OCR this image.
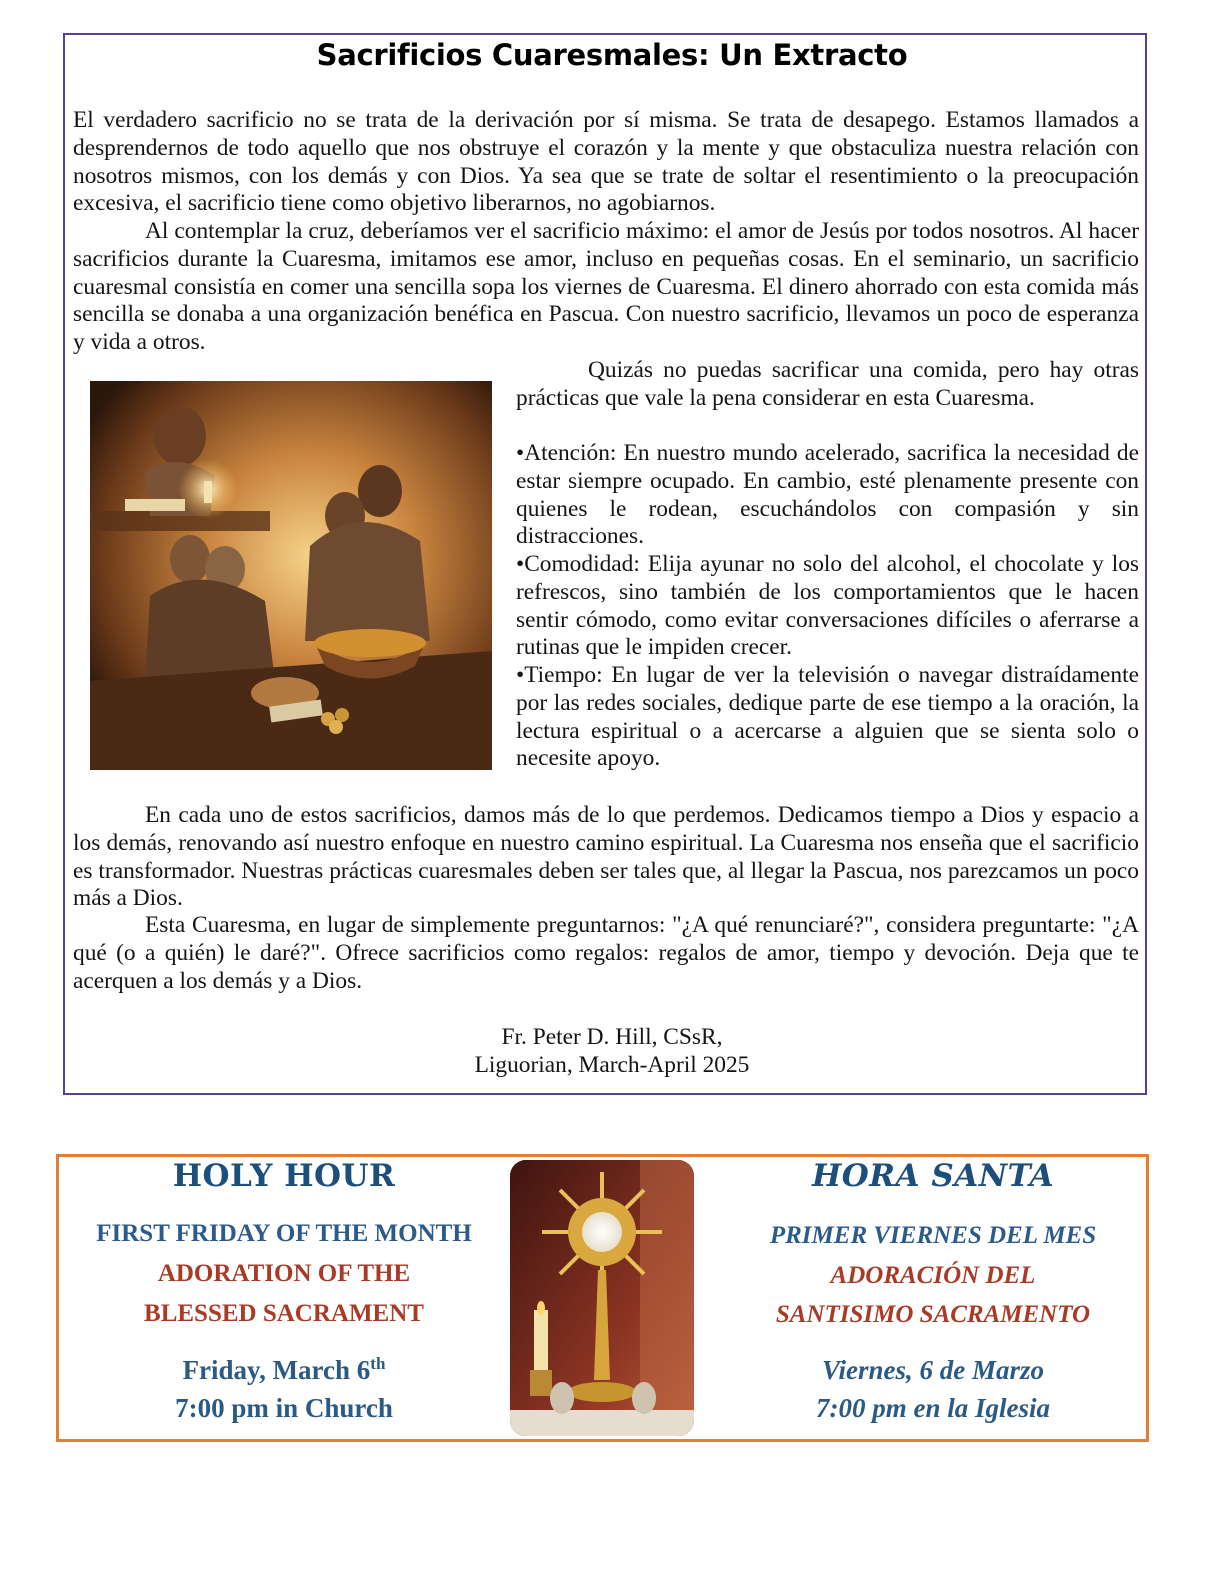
Sacrificios Cuaresmales: Un Extracto

El verdadero sacrificio no se trata de la derivación por sí misma. Se trata de desapego. Estamos llamados a desprendernos de todo aquello que nos obstruye el corazón y la mente y que obstaculiza nuestra relación con nosotros mismos, con los demás y con Dios. Ya sea que se trate de soltar el resentimiento o la preocupación excesiva, el sacrificio tiene como objetivo liberarnos, no agobiarnos.

Al contemplar la cruz, deberíamos ver el sacrificio máximo: el amor de Jesús por todos nosotros. Al hacer sacrificios durante la Cuaresma, imitamos ese amor, incluso en pequeñas cosas. En el seminario, un sacrificio cuaresmal consistía en comer una sencilla sopa los viernes de Cuaresma. El dinero ahorrado con esta comida más sencilla se donaba a una organización benéfica en Pascua. Con nuestro sacrificio, llevamos un poco de esperanza y vida a otros.

Quizás no puedas sacrificar una comida, pero hay otras prácticas que vale la pena considerar en esta Cuaresma.

•Atención: En nuestro mundo acelerado, sacrifica la necesidad de estar siempre ocupado. En cambio, esté plenamente presente con quienes le rodean, escuchándolos con compasión y sin distracciones.

•Comodidad: Elija ayunar no solo del alcohol, el chocolate y los refrescos, sino también de los comportamientos que le hacen sentir cómodo, como evitar conversaciones difíciles o aferrarse a rutinas que le impiden crecer.

•Tiempo: En lugar de ver la televisión o navegar distraídamente por las redes sociales, dedique parte de ese tiempo a la oración, la lectura espiritual o a acercarse a alguien que se sienta solo o necesite apoyo.

En cada uno de estos sacrificios, damos más de lo que perdemos. Dedicamos tiempo a Dios y espacio a los demás, renovando así nuestro enfoque en nuestro camino espiritual. La Cuaresma nos enseña que el sacrificio es transformador. Nuestras prácticas cuaresmales deben ser tales que, al llegar la Pascua, nos parezcamos un poco más a Dios.

Esta Cuaresma, en lugar de simplemente preguntarnos: "¿A qué renunciaré?", considera preguntarte: "¿A qué (o a quién) le daré?". Ofrece sacrificios como regalos: regalos de amor, tiempo y devoción. Deja que te acerquen a los demás y a Dios.

Fr. Peter D. Hill, CSsR,
Liguorian, March-April 2025
HOLY HOUR
FIRST FRIDAY OF THE MONTH
ADORATION OF THE
BLESSED SACRAMENT
Friday, March 6th
7:00 pm in Church
HORA SANTA
PRIMER VIERNES DEL MES
ADORACIÓN DEL
SANTISIMO SACRAMENTO
Viernes, 6 de Marzo
7:00 pm en la Iglesia
